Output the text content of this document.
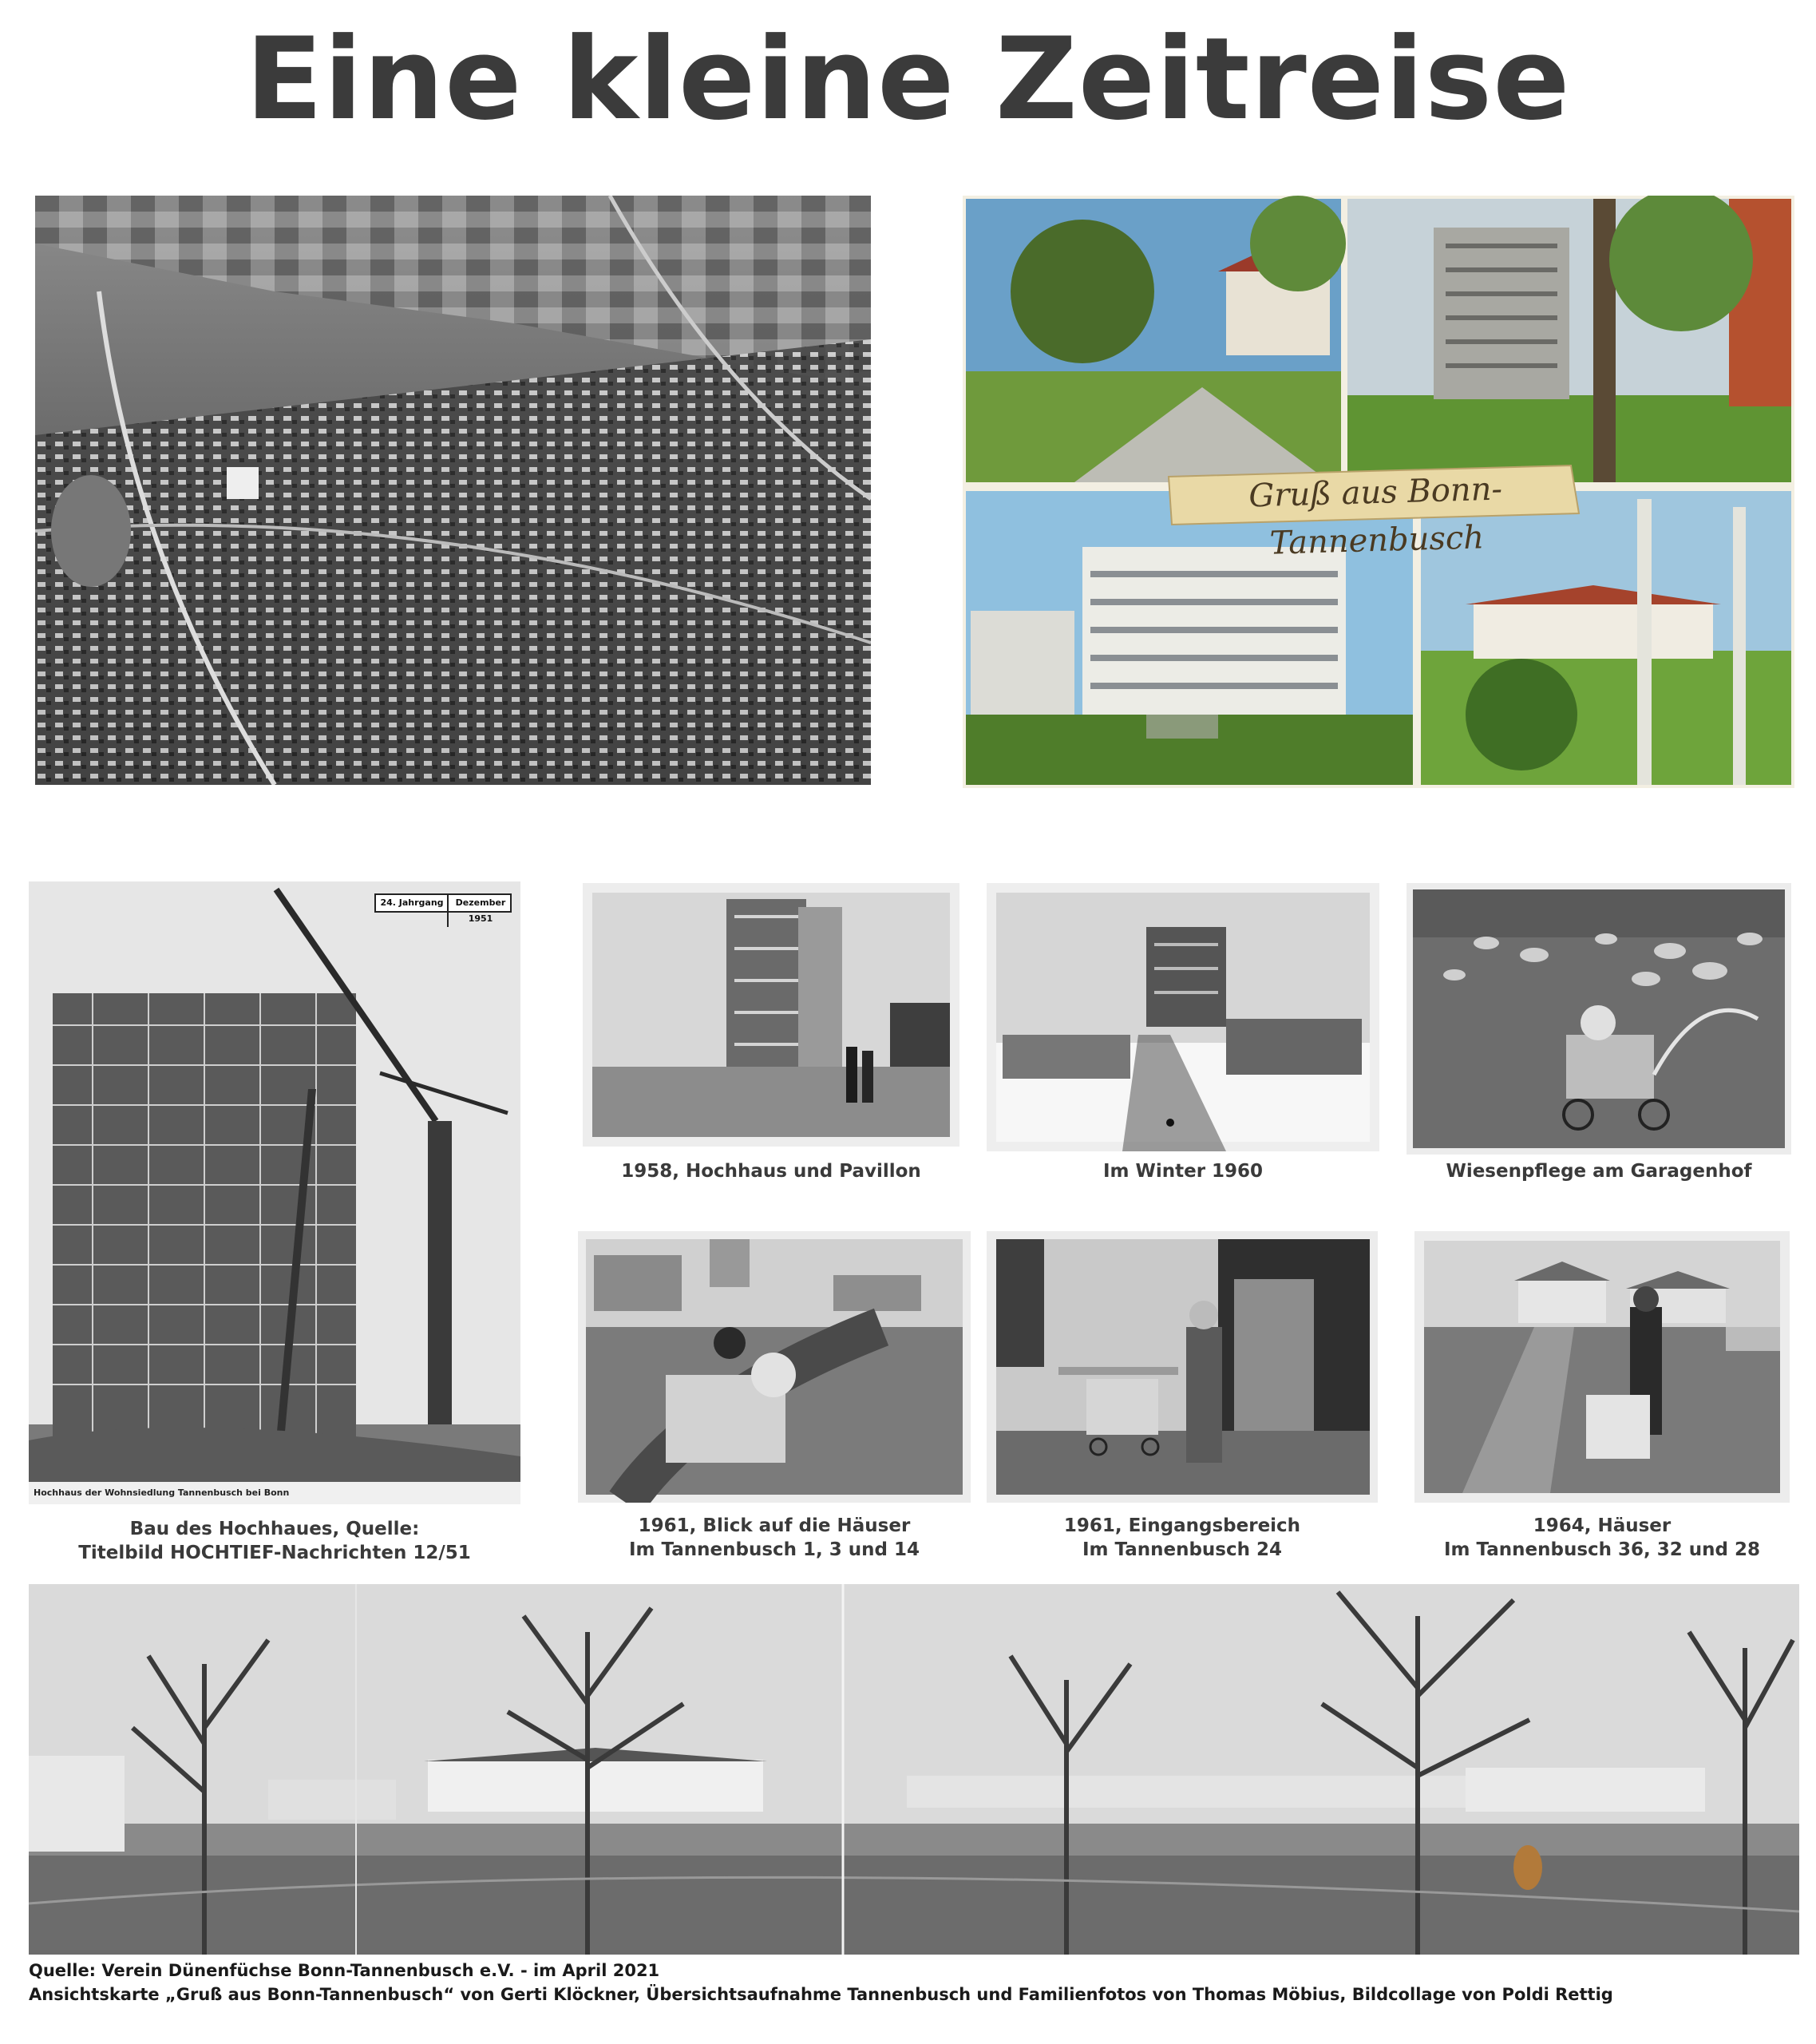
Eine kleine Zeitreise
Gruß aus Bonn-Tannenbusch
24. Jahrgang	Dezember 1951
Hochhaus der Wohnsiedlung Tannenbusch bei Bonn
Bau des Hochhaues, Quelle:
Titelbild HOCHTIEF-Nachrichten 12/51
1958, Hochhaus und Pavillon	Im Winter 1960	Wiesenpflege am Garagenhof
1961, Blick auf die Häuser
Im Tannenbusch 1, 3 und 14
1961, Eingangsbereich
Im Tannenbusch 24
1964, Häuser
Im Tannenbusch 36, 32 und 28
Quelle: Verein Dünenfüchse Bonn-Tannenbusch e.V. - im April 2021
Ansichtskarte „Gruß aus Bonn-Tannenbusch“ von Gerti Klöckner, Übersichtsaufnahme Tannenbusch und Familienfotos von Thomas Möbius, Bildcollage von Poldi Rettig
